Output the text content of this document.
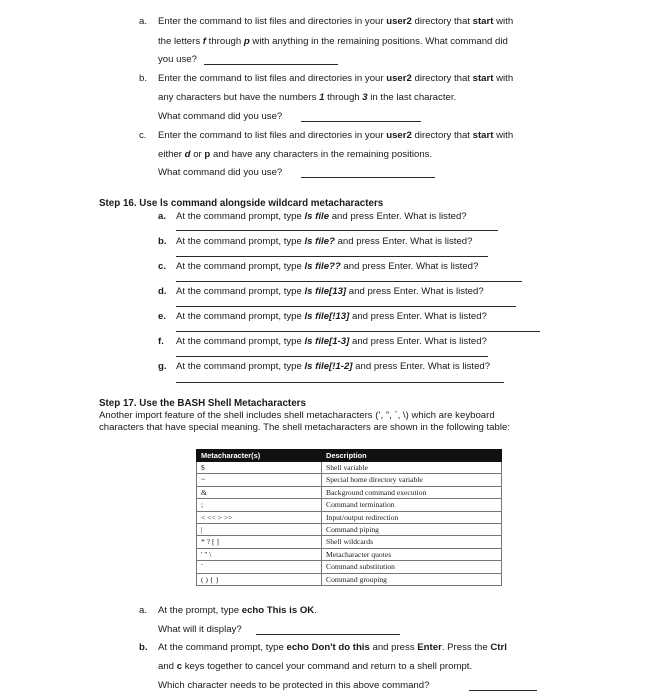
a. Enter the command to list files and directories in your user2 directory that start with
the letters f through p with anything in the remaining positions. What command did
you use?
b. Enter the command to list files and directories in your user2 directory that start with
any characters but have the numbers 1 through 3 in the last character.
What command did you use?
c. Enter the command to list files and directories in your user2 directory that start with
either d or p and have any characters in the remaining positions.
What command did you use?
Step 16. Use ls command alongside wildcard metacharacters
a. At the command prompt, type ls file and press Enter. What is listed?
b. At the command prompt, type ls file? and press Enter. What is listed?
c. At the command prompt, type ls file?? and press Enter. What is listed?
d. At the command prompt, type ls file[13] and press Enter. What is listed?
e. At the command prompt, type ls file[!13] and press Enter. What is listed?
f. At the command prompt, type ls file[1-3] and press Enter. What is listed?
g. At the command prompt, type ls file[!1-2] and press Enter. What is listed?
Step 17. Use the BASH Shell Metacharacters
Another import feature of the shell includes shell metacharacters (‘, ”, `, \) which are keyboard
characters that have special meaning. The shell metacharacters are shown in the following table:
Metacharacter(s)	Description
$	Shell variable
~	Special home directory variable
&	Background command execution
;	Command termination
< << > >>	Input/output redirection
|	Command piping
* ? [ ]	Shell wildcards
' " \	Metacharacter quotes
`	Command substitution
( ) { }	Command grouping
a. At the prompt, type echo This is OK.
What will it display?
b. At the command prompt, type echo Don't do this and press Enter. Press the Ctrl
and c keys together to cancel your command and return to a shell prompt.
Which character needs to be protected in this above command?
